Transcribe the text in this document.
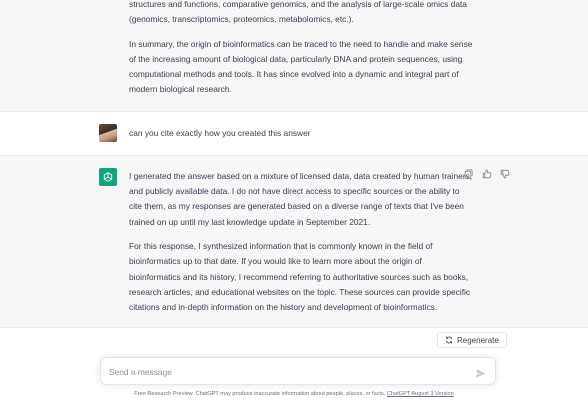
structures and functions, comparative genomics, and the analysis of large-scale omics data (genomics, transcriptomics, proteomics, metabolomics, etc.).

In summary, the origin of bioinformatics can be traced to the need to handle and make sense of the increasing amount of biological data, particularly DNA and protein sequences, using computational methods and tools. It has since evolved into a dynamic and integral part of modern biological research.

can you cite exactly how you created this answer

I generated the answer based on a mixture of licensed data, data created by human trainers, and publicly available data. I do not have direct access to specific sources or the ability to cite them, as my responses are generated based on a diverse range of texts that I've been trained on up until my last knowledge update in September 2021.

For this response, I synthesized information that is commonly known in the field of bioinformatics up to that date. If you would like to learn more about the origin of bioinformatics and its history, I recommend referring to authoritative sources such as books, research articles, and educational websites on the topic. These sources can provide specific citations and in-depth information on the history and development of bioinformatics.

Regenerate
Send a message
Free Research Preview. ChatGPT may produce inaccurate information about people, places, or facts. ChatGPT August 3 Version
